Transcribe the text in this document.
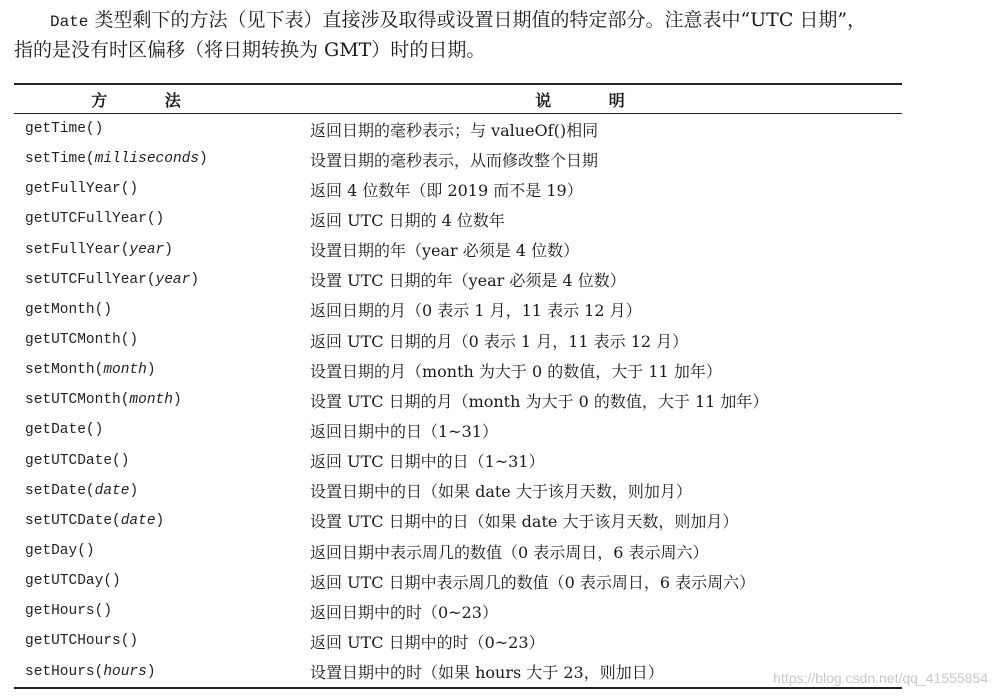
Date 类型剩下的方法（见下表）直接涉及取得或设置日期值的特定部分。注意表中“UTC 日期”，

指的是没有时区偏移（将日期转换为 GMT）时的日期。

方 法	说 明
getTime()	返回日期的毫秒表示；与 valueOf()相同
setTime(milliseconds)	设置日期的毫秒表示，从而修改整个日期
getFullYear()	返回 4 位数年（即 2019 而不是 19）
getUTCFullYear()	返回 UTC 日期的 4 位数年
setFullYear(year)	设置日期的年（year 必须是 4 位数）
setUTCFullYear(year)	设置 UTC 日期的年（year 必须是 4 位数）
getMonth()	返回日期的月（0 表示 1 月，11 表示 12 月）
getUTCMonth()	返回 UTC 日期的月（0 表示 1 月，11 表示 12 月）
setMonth(month)	设置日期的月（month 为大于 0 的数值，大于 11 加年）
setUTCMonth(month)	设置 UTC 日期的月（month 为大于 0 的数值，大于 11 加年）
getDate()	返回日期中的日（1~31）
getUTCDate()	返回 UTC 日期中的日（1~31）
setDate(date)	设置日期中的日（如果 date 大于该月天数，则加月）
setUTCDate(date)	设置 UTC 日期中的日（如果 date 大于该月天数，则加月）
getDay()	返回日期中表示周几的数值（0 表示周日，6 表示周六）
getUTCDay()	返回 UTC 日期中表示周几的数值（0 表示周日，6 表示周六）
getHours()	返回日期中的时（0~23）
getUTCHours()	返回 UTC 日期中的时（0~23）
setHours(hours)	设置日期中的时（如果 hours 大于 23，则加日）	https://blog.csdn.net/qq_41555854
